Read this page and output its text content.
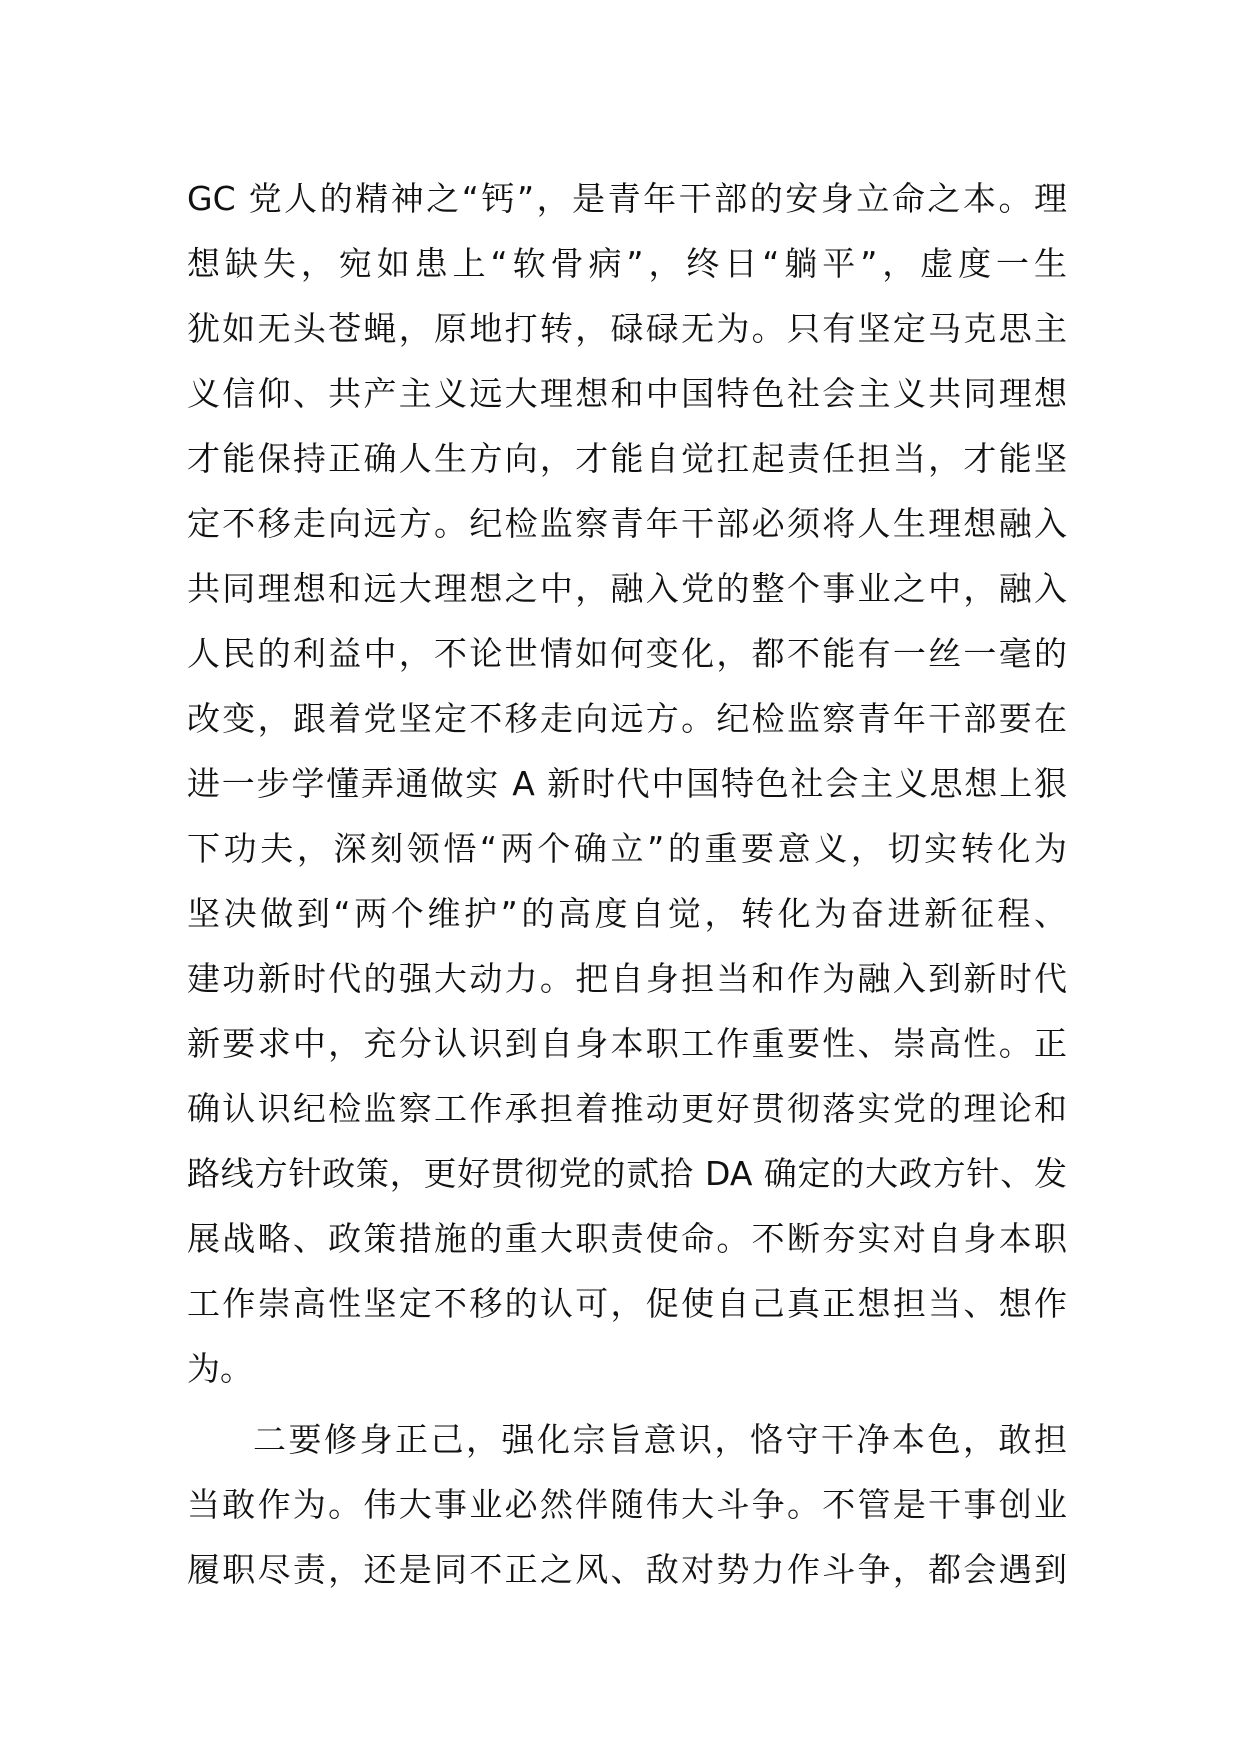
GC 党人的精神之“钙”，是青年干部的安身立命之本。理
想缺失，宛如患上“软骨病”，终日“躺平”，虚度一生
犹如无头苍蝇，原地打转，碌碌无为。只有坚定马克思主
义信仰、共产主义远大理想和中国特色社会主义共同理想
才能保持正确人生方向，才能自觉扛起责任担当，才能坚
定不移走向远方。纪检监察青年干部必须将人生理想融入
共同理想和远大理想之中，融入党的整个事业之中，融入
人民的利益中，不论世情如何变化，都不能有一丝一毫的
改变，跟着党坚定不移走向远方。纪检监察青年干部要在
进一步学懂弄通做实 A 新时代中国特色社会主义思想上狠
下功夫，深刻领悟“两个确立”的重要意义，切实转化为
坚决做到“两个维护”的高度自觉，转化为奋进新征程、
建功新时代的强大动力。把自身担当和作为融入到新时代
新要求中，充分认识到自身本职工作重要性、崇高性。正
确认识纪检监察工作承担着推动更好贯彻落实党的理论和
路线方针政策，更好贯彻党的贰拾 DA 确定的大政方针、发
展战略、政策措施的重大职责使命。不断夯实对自身本职
工作崇高性坚定不移的认可，促使自己真正想担当、想作
为。
二要修身正己，强化宗旨意识，恪守干净本色，敢担
当敢作为。伟大事业必然伴随伟大斗争。不管是干事创业
履职尽责，还是同不正之风、敌对势力作斗争，都会遇到
